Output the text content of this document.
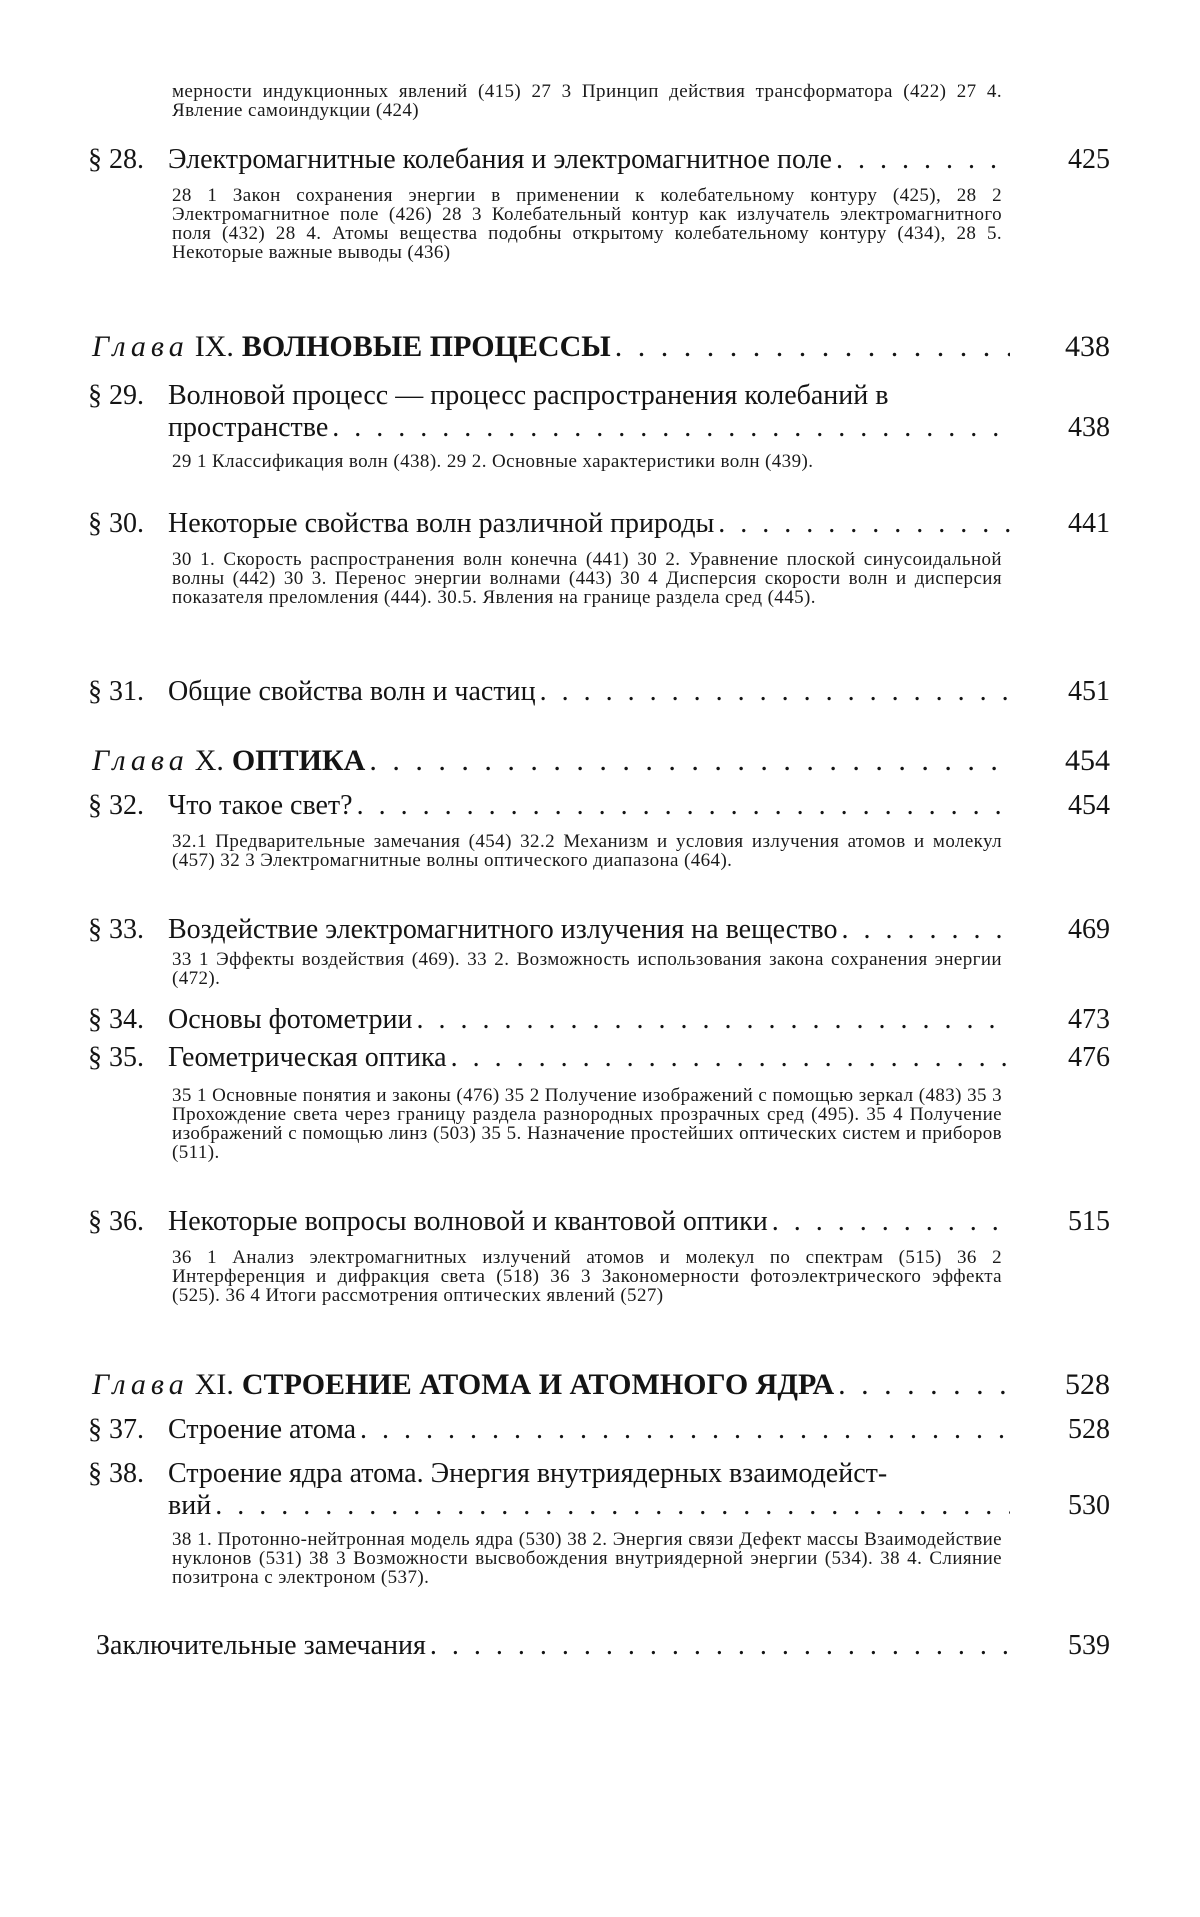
мерности индукционных явлений (415) 27 3 Принцип действия трансформатора (422) 27 4. Явление самоиндукции (424)
§ 28. Электромагнитные колебания и электромагнитное поле . . .	425
28 1 Закон сохранения энергии в применении к колебательному контуру (425), 28 2 Электромагнитное поле (426) 28 3 Колебательный контур как излучатель электромагнитного поля (432) 28 4. Атомы вещества подобны открытому колебательному контуру (434), 28 5. Некоторые важные выводы (436)
Глава IX. ВОЛНОВЫЕ ПРОЦЕССЫ . . .	438
§ 29. Волновой процесс — процесс распространения колебаний в
пространстве . . .	438
29 1 Классификация волн (438). 29 2. Основные характеристики волн (439).
§ 30. Некоторые свойства волн различной природы . . .	441
30 1. Скорость распространения волн конечна (441) 30 2. Уравнение плоской синусоидальной волны (442) 30 3. Перенос энергии волнами (443) 30 4 Дисперсия скорости волн и дисперсия показателя преломления (444). 30.5. Явления на границе раздела сред (445).
§ 31. Общие свойства волн и частиц . . .	451
Глава X. ОПТИКА . . .	454
§ 32. Что такое свет? . . .	454
32.1 Предварительные замечания (454) 32.2 Механизм и условия излучения атомов и молекул (457) 32 3 Электромагнитные волны оптического диапазона (464).
§ 33. Воздействие электромагнитного излучения на вещество . . .	469
33 1 Эффекты воздействия (469). 33 2. Возможность использования закона сохранения энергии (472).
§ 34. Основы фотометрии . . .	473
§ 35. Геометрическая оптика . . .	476
35 1 Основные понятия и законы (476) 35 2 Получение изображений с помощью зеркал (483) 35 3 Прохождение света через границу раздела разнородных прозрачных сред (495). 35 4 Получение изображений с помощью линз (503) 35 5. Назначение простейших оптических систем и приборов (511).
§ 36. Некоторые вопросы волновой и квантовой оптики . . .	515
36 1 Анализ электромагнитных излучений атомов и молекул по спектрам (515) 36 2 Интерференция и дифракция света (518) 36 3 Закономерности фотоэлектрического эффекта (525). 36 4 Итоги рассмотрения оптических явлений (527)
Глава XI. СТРОЕНИЕ АТОМА И АТОМНОГО ЯДРА . . .	528
§ 37. Строение атома . . .	528
§ 38. Строение ядра атома. Энергия внутриядерных взаимодейст-
вий . . .	530
38 1. Протонно-нейтронная модель ядра (530) 38 2. Энергия связи Дефект массы Взаимодействие нуклонов (531) 38 3 Возможности высвобождения внутриядерной энергии (534). 38 4. Слияние позитрона с электроном (537).
Заключительные замечания . . .	539
